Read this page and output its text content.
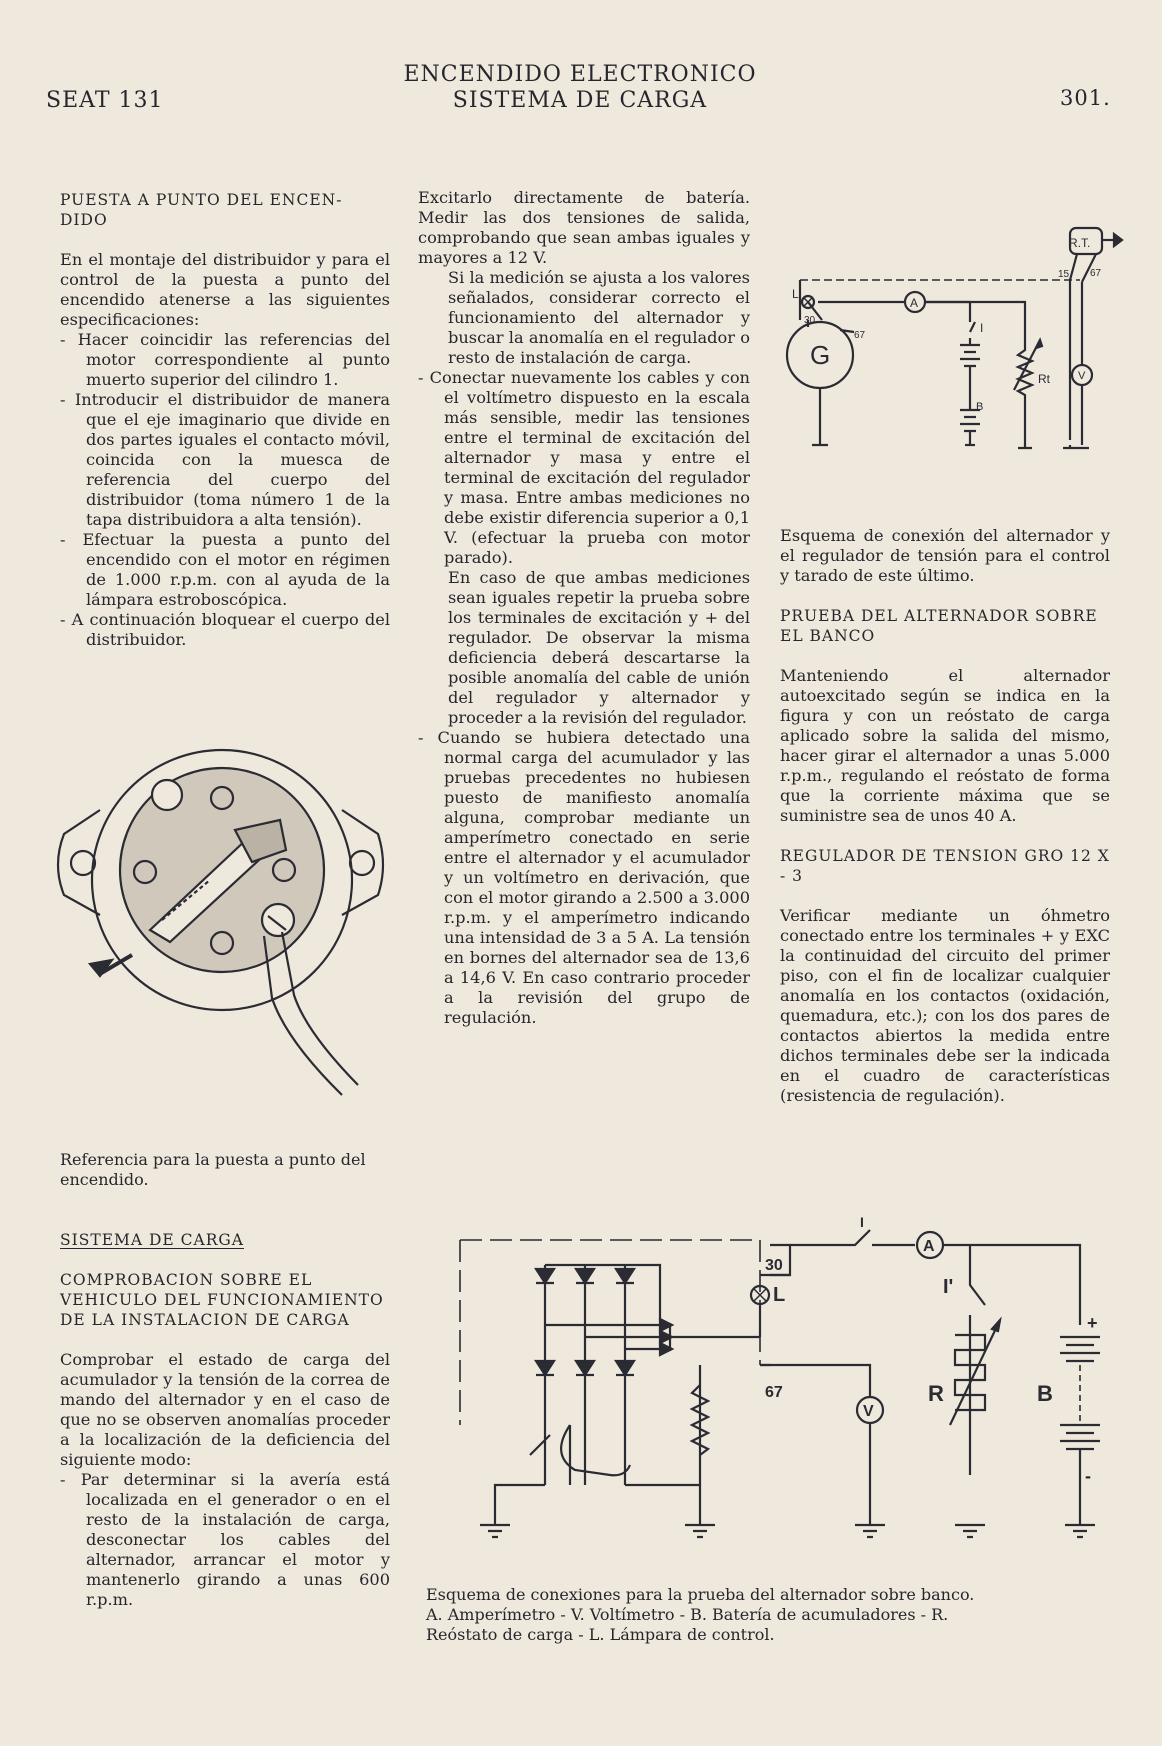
SEAT 131
ENCENDIDO ELECTRONICO
SISTEMA DE CARGA	301.

PUESTA A PUNTO DEL ENCEN-DIDO

En el montaje del distribuidor y para el control de la puesta a punto del encendido atenerse a las siguientes especificaciones:

- Hacer coincidir las referencias del motor correspondiente al punto muerto superior del cilindro 1.

- Introducir el distribuidor de manera que el eje imaginario que divide en dos partes iguales el contacto móvil, coincida con la muesca de referencia del cuerpo del distribuidor (toma número 1 de la tapa distribuidora a alta tensión).

- Efectuar la puesta a punto del encendido con el motor en régimen de 1.000 r.p.m. con al ayuda de la lámpara estroboscópica.

- A continuación bloquear el cuerpo del distribuidor.

Referencia para la puesta a punto del encendido.

SISTEMA DE CARGA

COMPROBACION SOBRE EL VEHICULO DEL FUNCIONAMIENTO DE LA INSTALACION DE CARGA

Comprobar el estado de carga del acumulador y la tensión de la correa de mando del alternador y en el caso de que no se observen anomalías proceder a la localización de la deficiencia del siguiente modo:

- Par determinar si la avería está localizada en el generador o en el resto de la instalación de carga, desconectar los cables del alternador, arrancar el motor y mantenerlo girando a unas 600 r.p.m.

Excitarlo directamente de batería. Medir las dos tensiones de salida, comprobando que sean ambas iguales y mayores a 12 V.

Si la medición se ajusta a los valores señalados, considerar correcto el funcionamiento del alternador y buscar la anomalía en el regulador o resto de instalación de carga.

- Conectar nuevamente los cables y con el voltímetro dispuesto en la escala más sensible, medir las tensiones entre el terminal de excitación del alternador y masa y entre el terminal de excitación del regulador y masa. Entre ambas mediciones no debe existir diferencia superior a 0,1 V. (efectuar la prueba con motor parado).

En caso de que ambas mediciones sean iguales repetir la prueba sobre los terminales de excitación y + del regulador. De observar la misma deficiencia deberá descartarse la posible anomalía del cable de unión del regulador y alternador y proceder a la revisión del regulador.

- Cuando se hubiera detectado una normal carga del acumulador y las pruebas precedentes no hubiesen puesto de manifiesto anomalía alguna, comprobar mediante un amperímetro conectado en serie entre el alternador y el acumulador y un voltímetro en derivación, que con el motor girando a 2.500 a 3.000 r.p.m. y el amperímetro indicando una intensidad de 3 a 5 A. La tensión en bornes del alternador sea de 13,6 a 14,6 V. En caso contrario proceder a la revisión del grupo de regulación.

R.T.
15 67
L
30
A
G
67
I
B
Rt	V

Esquema de conexión del alternador y el regulador de tensión para el control y tarado de este último.

PRUEBA DEL ALTERNADOR SOBRE EL BANCO

Manteniendo el alternador autoexcitado según se indica en la figura y con un reóstato de carga aplicado sobre la salida del mismo, hacer girar el alternador a unas 5.000 r.p.m., regulando el reóstato de forma que la corriente máxima que se suministre sea de unos 40 A.

REGULADOR DE TENSION GRO 12 X - 3

Verificar mediante un óhmetro conectado entre los terminales + y EXC la continuidad del circuito del primer piso, con el fin de localizar cualquier anomalía en los contactos (oxidación, quemadura, etc.); con los dos pares de contactos abiertos la medida entre dichos terminales debe ser la indicada en el cuadro de características (resistencia de regulación).

30
L
67
I
A
I'
V
R	B
+
-
Esquema de conexiones para la prueba del alternador sobre banco.
A. Amperímetro - V. Voltímetro - B. Batería de acumuladores - R.
Reóstato de carga - L. Lámpara de control.
